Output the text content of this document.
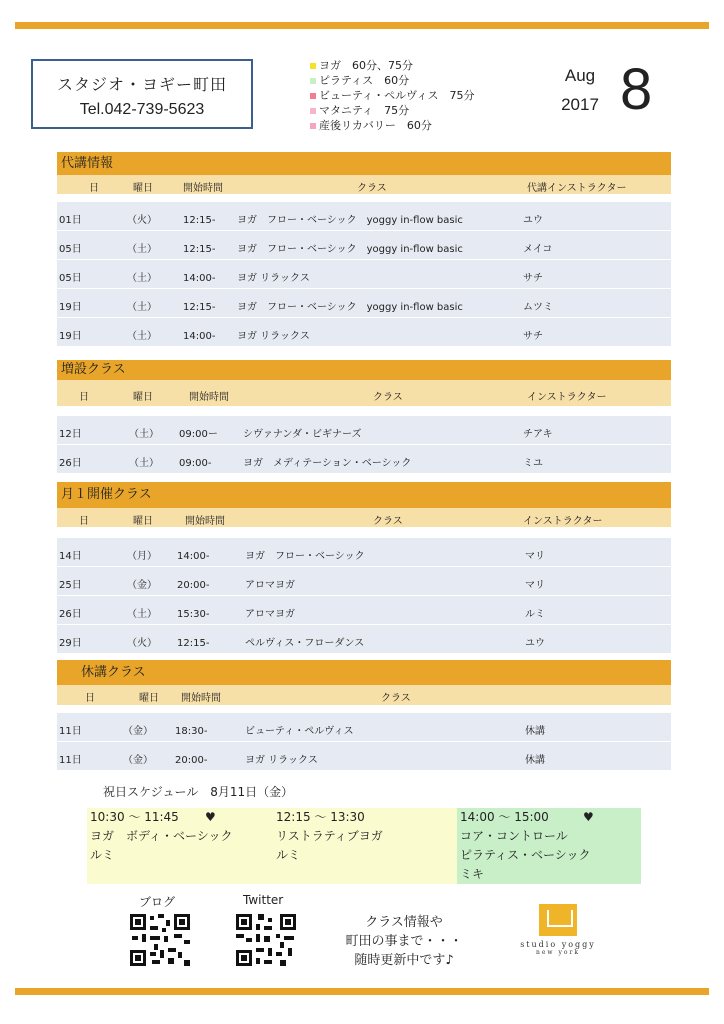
スタジオ・ヨギー町田
Tel.042-739-5623
ヨガ　60分、75分
ピラティス　60分
ビューティ・ペルヴィス　75分
マタニティ　75分
産後リカバリー　60分
Aug
2017 8
代講情報
日	曜日	開始時間	クラス	代講インストラクター
01日	（火）	12:15- ヨガ　フロー・ベーシック　yoggy in-flow basic	ユウ
05日	（土）	12:15- ヨガ　フロー・ベーシック　yoggy in-flow basic	メイコ
05日	（土）	14:00- ヨガ リラックス	サチ
19日	（土）	12:15- ヨガ　フロー・ベーシック　yoggy in-flow basic	ムツミ
19日	（土）	14:00- ヨガ リラックス	サチ
増設クラス
日	曜日	開始時間	クラス	インストラクター
12日	（土） 09:00ー	シヴァナンダ・ビギナーズ	チアキ
26日	（土） 09:00-	ヨガ　メディテーション・ベーシック	ミユ
月１開催クラス
日	曜日	開始時間	クラス	インストラクター
14日	（月） 14:00-	ヨガ　フロー・ベーシック	マリ
25日	（金） 20:00-	アロマヨガ	マリ
26日	（土） 15:30-	アロマヨガ	ルミ
29日	（火） 12:15-	ペルヴィス・フローダンス	ユウ
休講クラス
日	曜日 開始時間	クラス
11日	（金） 18:30-	ビューティ・ペルヴィス	休講
11日	（金） 20:00-	ヨガ リラックス	休講
祝日スケジュール　8月11日（金）
10:30 ～ 11:45	♥
ヨガ　ボディ・ベーシック
ルミ
12:15 ～ 13:30
リストラティブヨガ
ルミ
14:00 ～ 15:00	♥
コア・コントロール
ピラティス・ベーシック
ミキ
ブログ	Twitter
クラス情報や
町田の事まで・・・
随時更新中です♪
studio yoggy
new york
